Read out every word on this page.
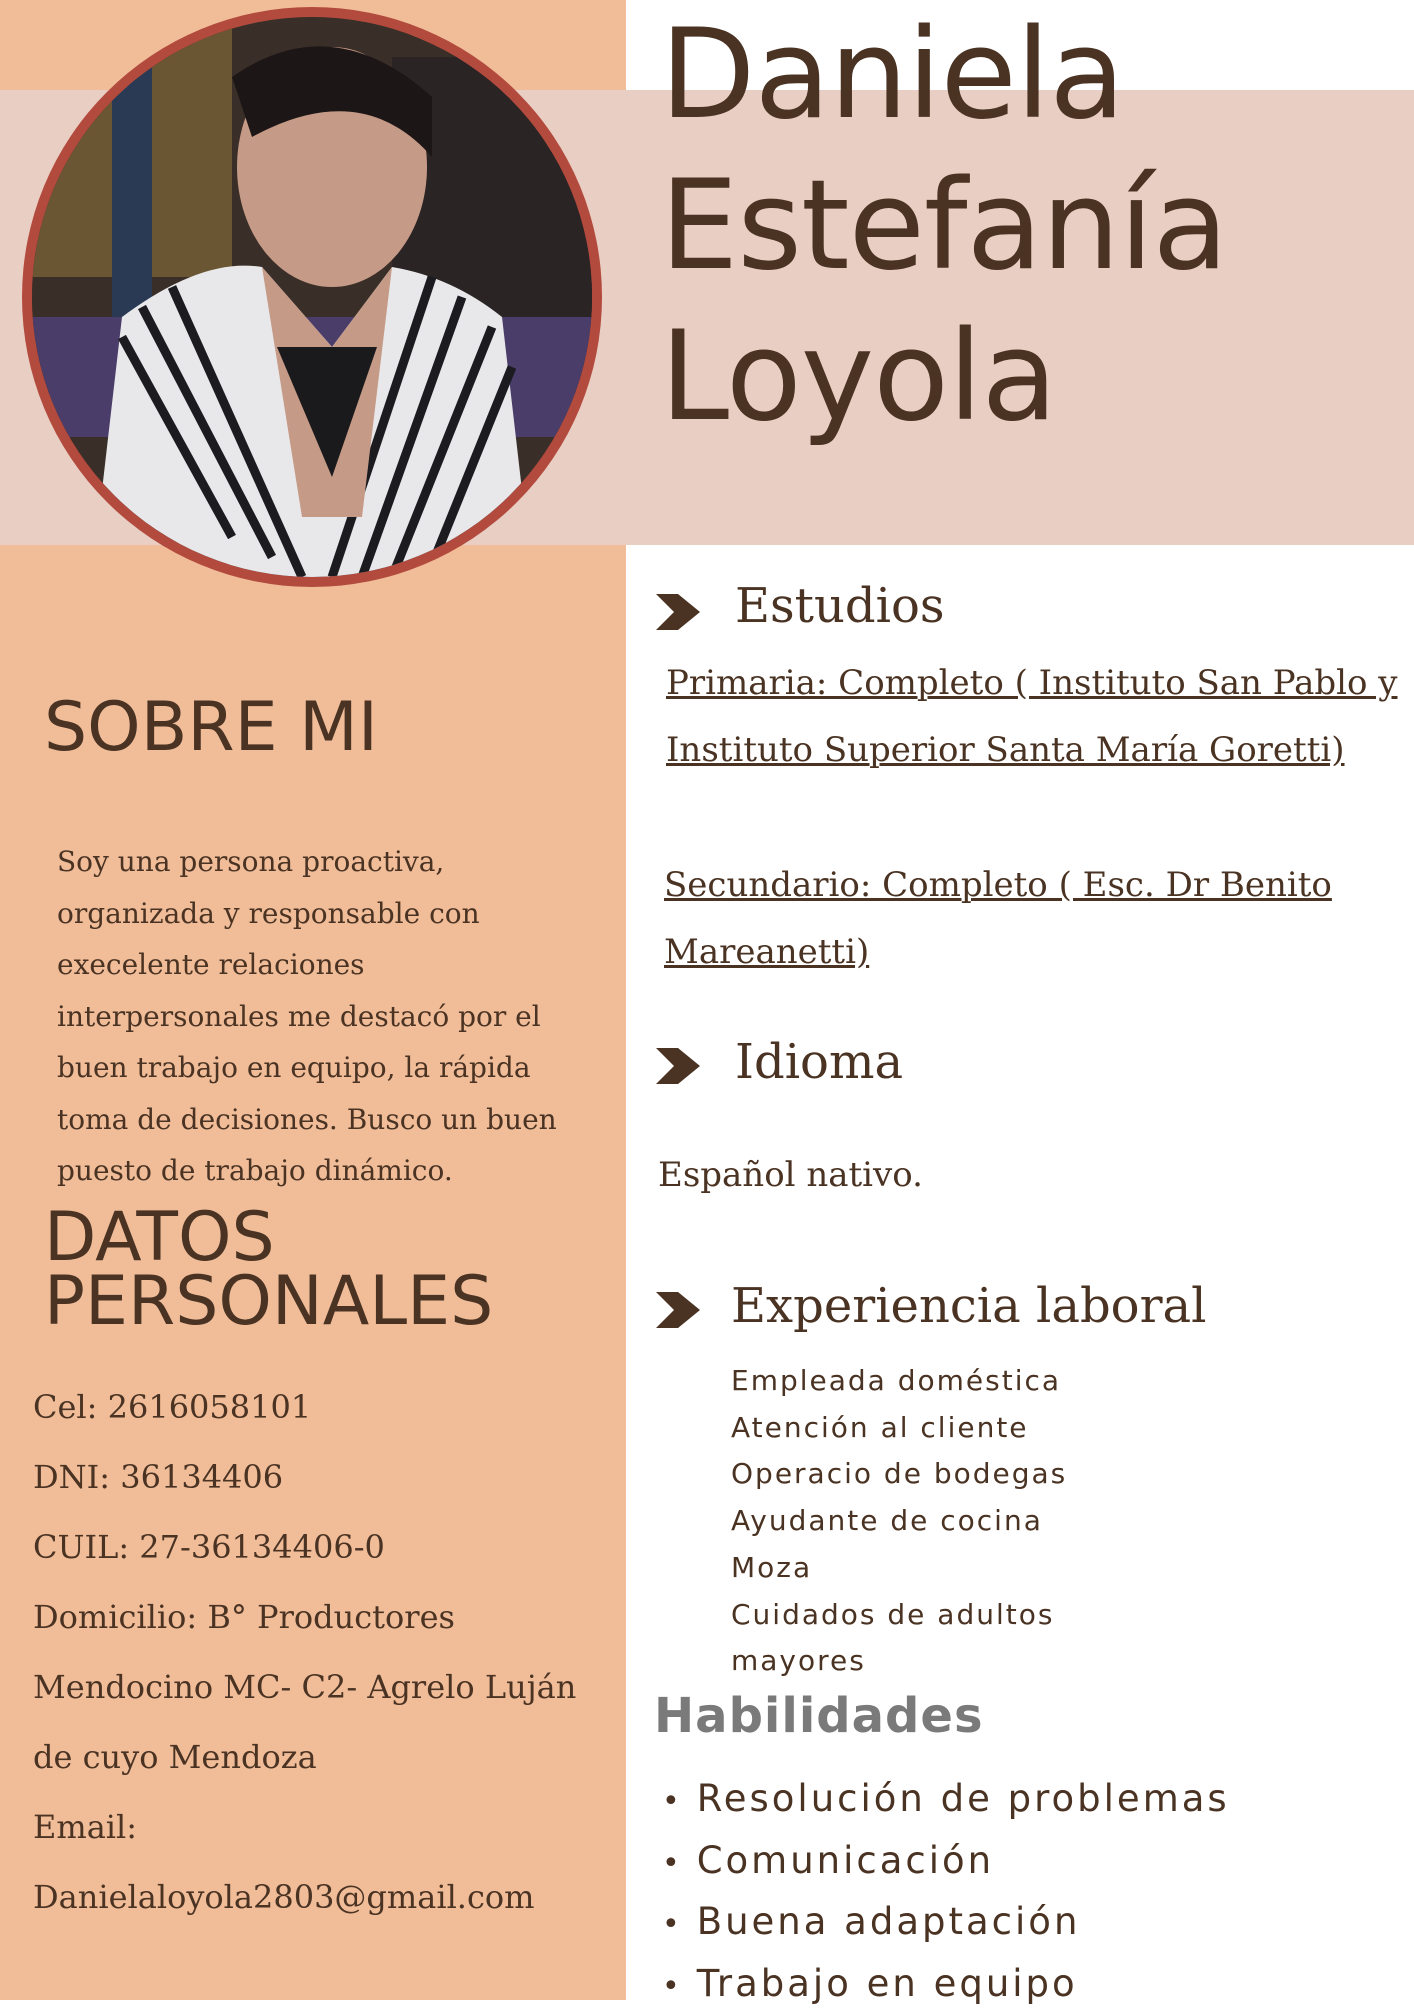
Daniela
Estefanía
Loyola
SOBRE MI

Soy una persona proactiva, organizada y responsable con execelente relaciones interpersonales me destacó por el buen trabajo en equipo, la rápida toma de decisiones. Busco un buen puesto de trabajo dinámico.

DATOS
PERSONALES
Cel: 2616058101
DNI: 36134406
CUIL: 27-36134406-0
Domicilio: B° Productores
Mendocino MC- C2- Agrelo Luján
de cuyo Mendoza
Email:
Danielaloyola2803@gmail.com
Estudios

Primaria: Completo ( Instituto San Pablo y

Instituto Superior Santa María Goretti)

Secundario: Completo ( Esc. Dr Benito

Mareanetti)

Idioma

Español nativo.

Experiencia laboral
Empleada doméstica
Atención al cliente
Operacio de bodegas
Ayudante de cocina
Moza
Cuidados de adultos
mayores
Habilidades
• Resolución de problemas
• Comunicación
• Buena adaptación
• Trabajo en equipo
